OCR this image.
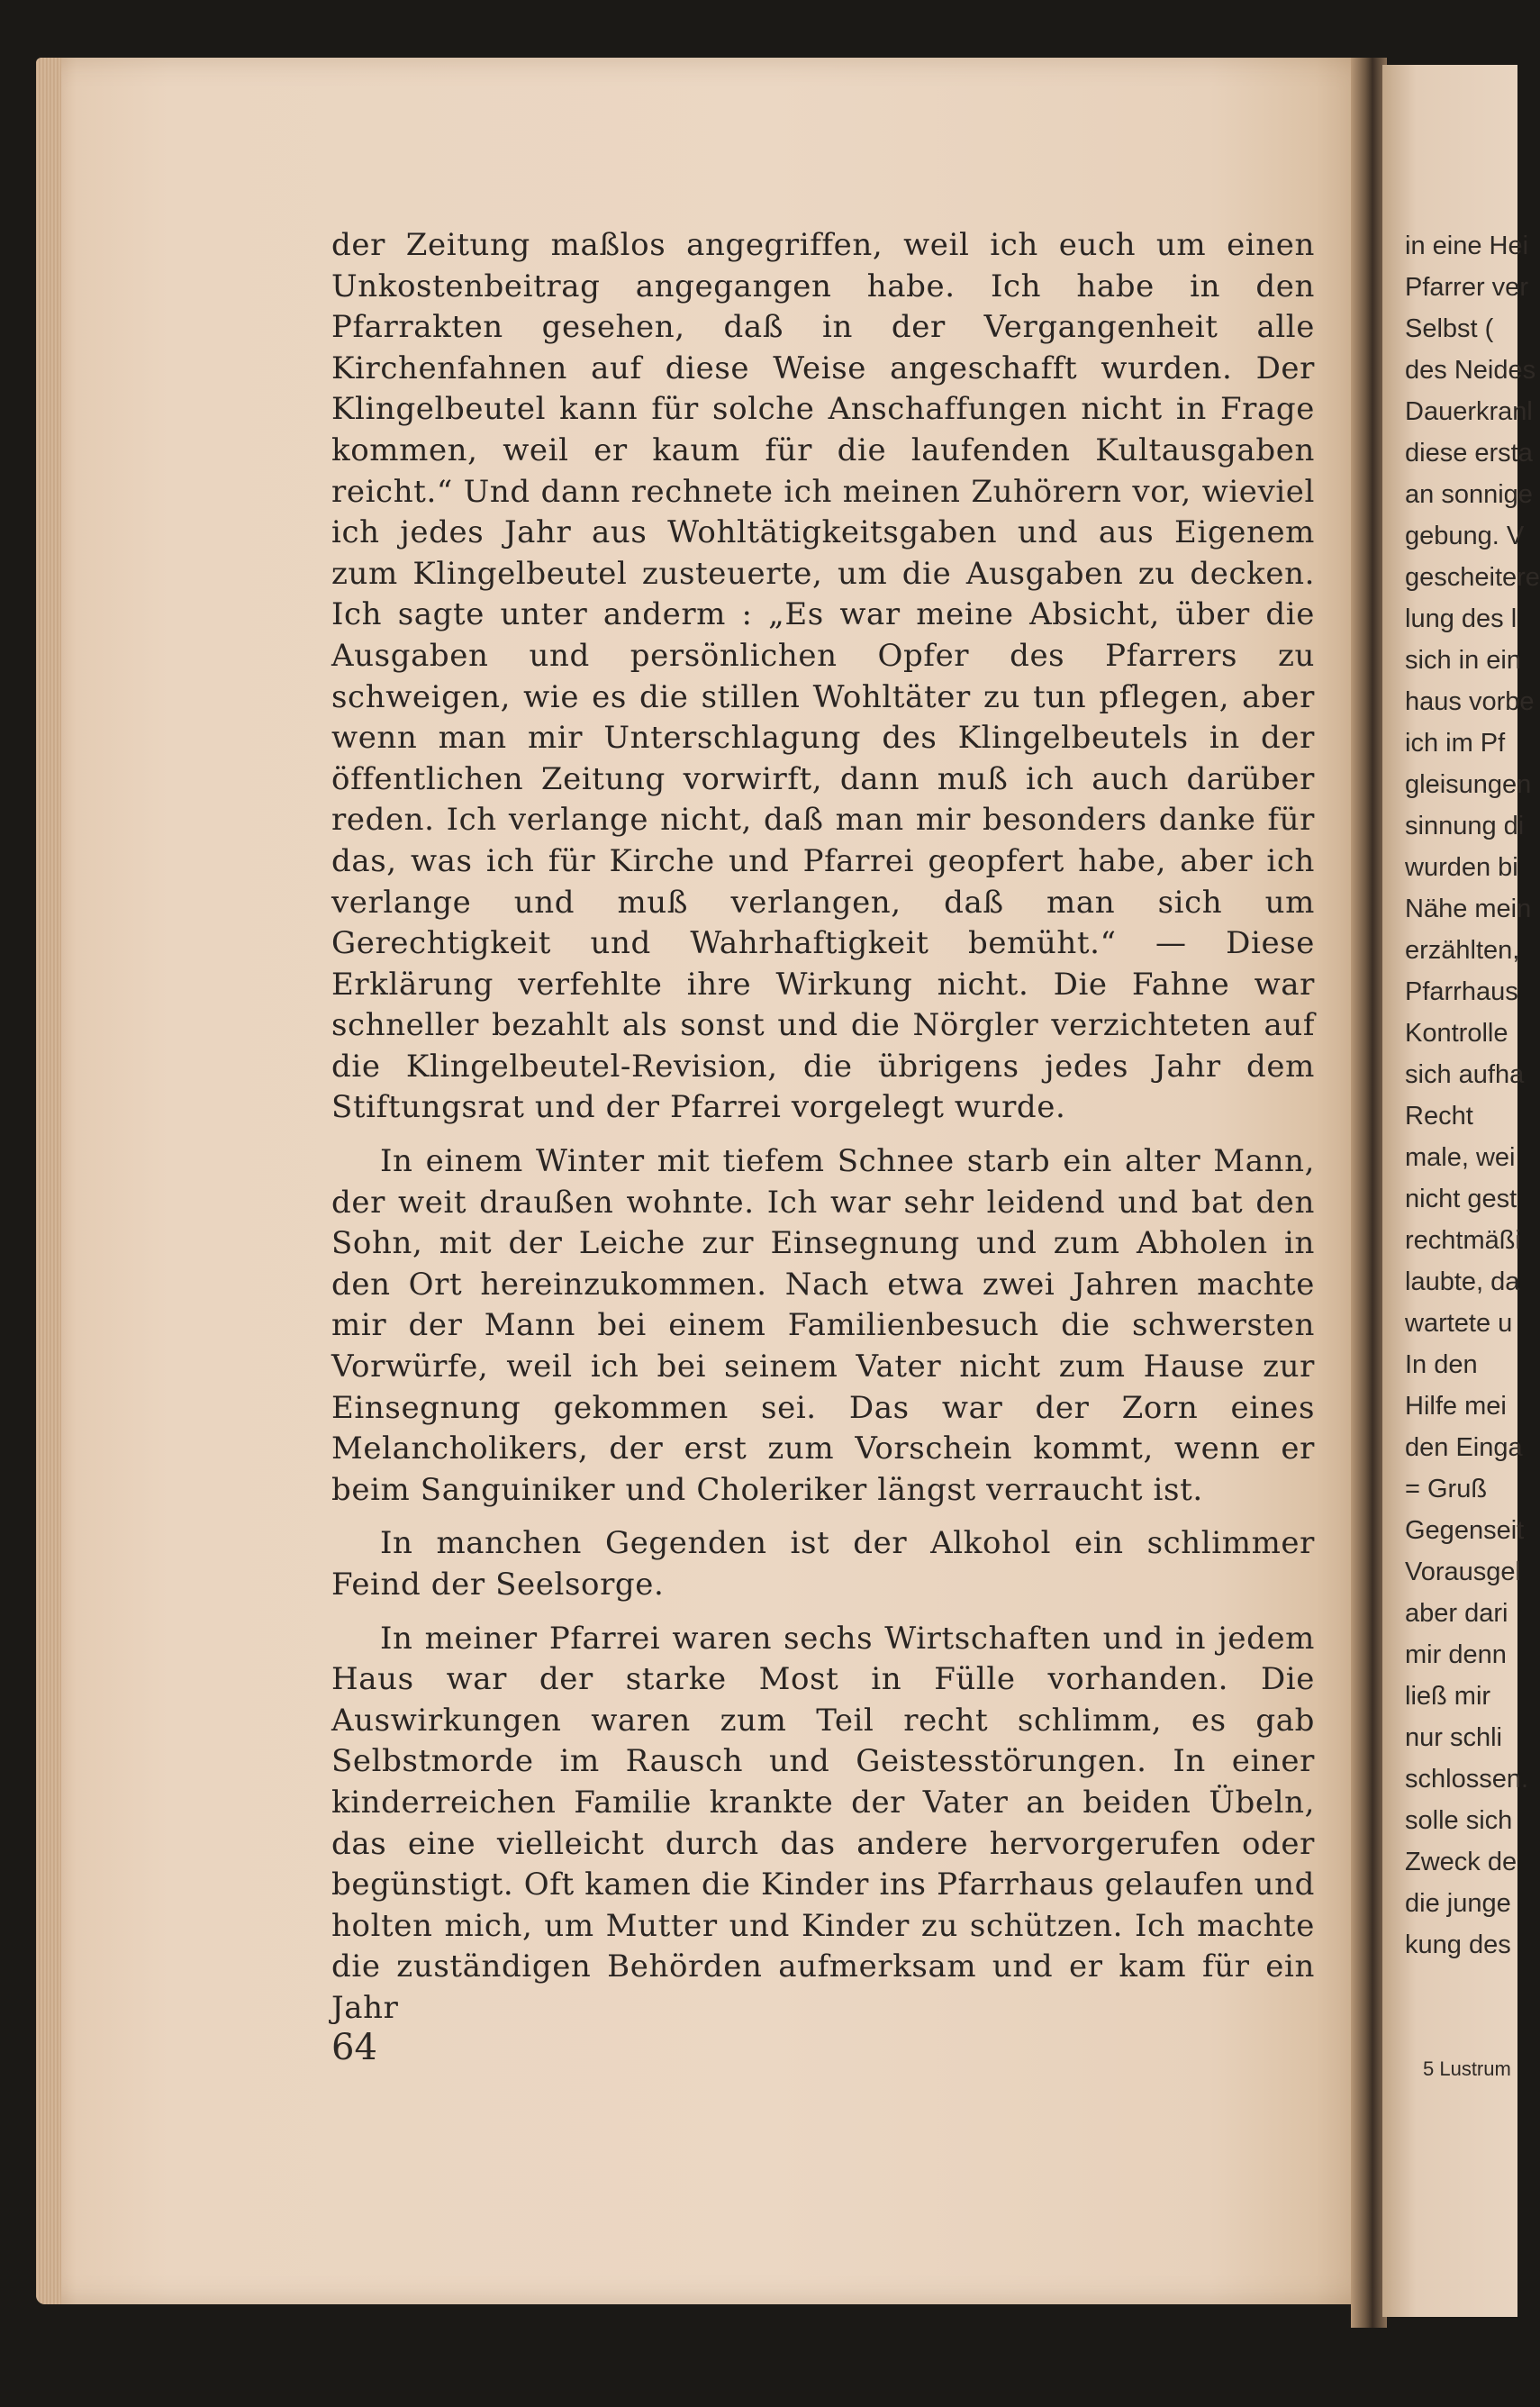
der Zeitung maßlos angegriffen, weil ich euch um einen Unkostenbeitrag angegangen habe. Ich habe in den Pfarrakten gesehen, daß in der Vergangenheit alle Kirchenfahnen auf diese Weise angeschafft wurden. Der Klingelbeutel kann für solche Anschaffungen nicht in Frage kommen, weil er kaum für die laufenden Kultausgaben reicht.“ Und dann rechnete ich meinen Zuhörern vor, wieviel ich jedes Jahr aus Wohltätigkeitsgaben und aus Eigenem zum Klingelbeutel zusteuerte, um die Ausgaben zu decken. Ich sagte unter anderm : „Es war meine Absicht, über die Ausgaben und persönlichen Opfer des Pfarrers zu schweigen, wie es die stillen Wohltäter zu tun pflegen, aber wenn man mir Unterschlagung des Klingelbeutels in der öffentlichen Zeitung vorwirft, dann muß ich auch darüber reden. Ich verlange nicht, daß man mir besonders danke für das, was ich für Kirche und Pfarrei geopfert habe, aber ich verlange und muß verlangen, daß man sich um Gerechtigkeit und Wahrhaftigkeit bemüht.“ — Diese Erklärung verfehlte ihre Wirkung nicht. Die Fahne war schneller bezahlt als sonst und die Nörgler verzichteten auf die Klingelbeutel-Revision, die übrigens jedes Jahr dem Stiftungsrat und der Pfarrei vorgelegt wurde.

In einem Winter mit tiefem Schnee starb ein alter Mann, der weit draußen wohnte. Ich war sehr leidend und bat den Sohn, mit der Leiche zur Einsegnung und zum Abholen in den Ort hereinzukommen. Nach etwa zwei Jahren machte mir der Mann bei einem Familienbesuch die schwersten Vorwürfe, weil ich bei seinem Vater nicht zum Hause zur Einsegnung gekommen sei. Das war der Zorn eines Melancholikers, der erst zum Vorschein kommt, wenn er beim Sanguiniker und Choleriker längst verraucht ist.

In manchen Gegenden ist der Alkohol ein schlimmer Feind der Seelsorge.

In meiner Pfarrei waren sechs Wirtschaften und in jedem Haus war der starke Most in Fülle vorhanden. Die Auswirkungen waren zum Teil recht schlimm, es gab Selbstmorde im Rausch und Geistesstörungen. In einer kinderreichen Familie krankte der Vater an beiden Übeln, das eine vielleicht durch das andere hervorgerufen oder begünstigt. Oft kamen die Kinder ins Pfarrhaus gelaufen und holten mich, um Mutter und Kinder zu schützen. Ich machte die zuständigen Behörden aufmerksam und er kam für ein Jahr

64
in eine Hei
Pfarrer ver
Selbst (
des Neides
Dauerkranl
diese ersta
an sonnige
gebung. V
gescheitere
lung des l
sich in ein
haus vorbe
ich im Pf
gleisungen
sinnung di
wurden bi
Nähe mein
erzählten,
Pfarrhaus
Kontrolle
sich aufha
Recht
male, wei
nicht gest
rechtmäßi
laubte, da
wartete u
In den
Hilfe mei
den Einga
= Gruß
Gegenseit
Vorausgel
aber dari
mir denn
ließ mir
nur schli
schlossen.
solle sich
Zweck de
die junge
kung des
5 Lustrum
